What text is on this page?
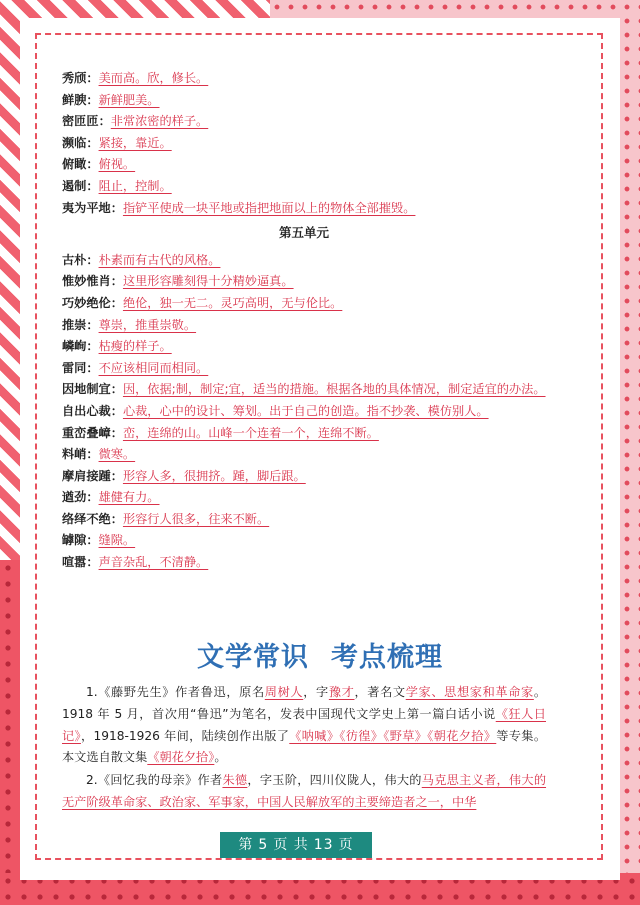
秀颀：美而高。欣，修长。
鲜腴：新鲜肥美。
密匝匝：非常浓密的样子。
濒临：紧接，靠近。
俯瞰：俯视。
遏制：阻止，控制。
夷为平地：指铲平使成一块平地或指把地面以上的物体全部摧毁。
第五单元
古朴：朴素而有古代的风格。
惟妙惟肖：这里形容雕刻得十分精妙逼真。
巧妙绝伦：绝伦，独一无二。灵巧高明，无与伦比。
推崇：尊崇，推重崇敬。
嶙峋：枯瘦的样子。
雷同：不应该相同而相同。
因地制宜：因，依据;制，制定;宜，适当的措施。根据各地的具体情况，制定适宜的办法。
自出心裁：心裁，心中的设计、筹划。出于自己的创造。指不抄袭、模仿别人。
重峦叠嶂：峦，连绵的山。山峰一个连着一个，连绵不断。
料峭：微寒。
摩肩接踵：形容人多，很拥挤。踵，脚后跟。
遒劲：雄健有力。
络绎不绝：形容行人很多，往来不断。
罅隙：缝隙。
喧嚣：声音杂乱，不清静。
文学常识 考点梳理
1.《藤野先生》作者鲁迅，原名周树人，字豫才，著名文学家、思想家和革命家。1918 年 5 月，首次用“鲁迅”为笔名，发表中国现代文学史上第一篇白话小说《狂人日记》，1918-1926 年间，陆续创作出版了《呐喊》《彷徨》《野草》《朝花夕拾》等专集。本文选自散文集《朝花夕拾》。
2.《回忆我的母亲》作者朱德，字玉阶，四川仪陇人，伟大的马克思主义者，伟大的无产阶级革命家、政治家、军事家，中国人民解放军的主要缔造者之一，中华
第 5 页 共 13 页
